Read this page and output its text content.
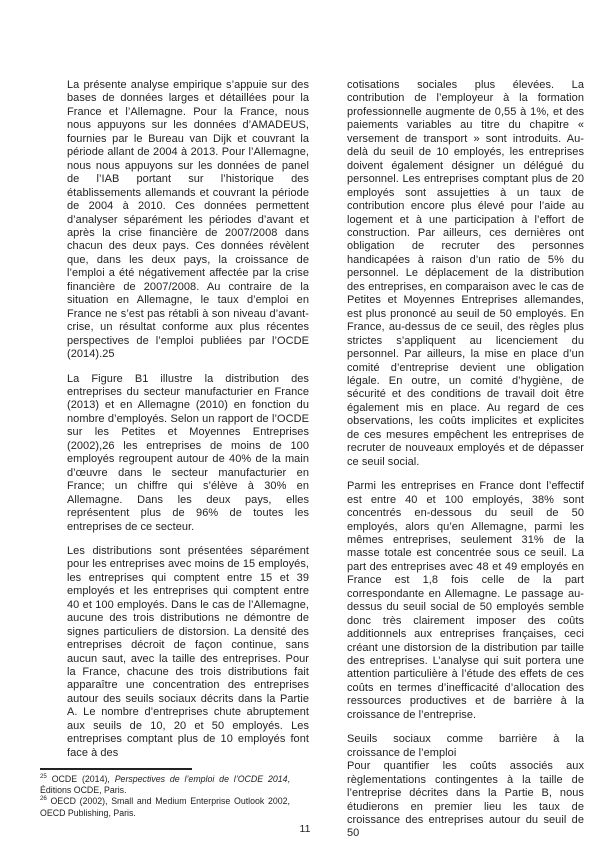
La présente analyse empirique s’appuie sur des bases de données larges et détaillées pour la France et l’Allemagne. Pour la France, nous nous appuyons sur les données d’AMADEUS, fournies par le Bureau van Dijk et couvrant la période allant de 2004 à 2013. Pour l’Allemagne, nous nous appuyons sur les données de panel de l’IAB portant sur l’historique des établissements allemands et couvrant la période de 2004 à 2010. Ces données permettent d’analyser séparément les périodes d’avant et après la crise financière de 2007/2008 dans chacun des deux pays. Ces données révèlent que, dans les deux pays, la croissance de l’emploi a été négativement affectée par la crise financière de 2007/2008. Au contraire de la situation en Allemagne, le taux d’emploi en France ne s’est pas rétabli à son niveau d’avant-crise, un résultat conforme aux plus récentes perspectives de l’emploi publiées par l’OCDE (2014).25

La Figure B1 illustre la distribution des entreprises du secteur manufacturier en France (2013) et en Allemagne (2010) en fonction du nombre d’employés. Selon un rapport de l’OCDE sur les Petites et Moyennes Entreprises (2002),26 les entreprises de moins de 100 employés regroupent autour de 40% de la main d’œuvre dans le secteur manufacturier en France; un chiffre qui s’élève à 30% en Allemagne. Dans les deux pays, elles représentent plus de 96% de toutes les entreprises de ce secteur.

Les distributions sont présentées séparément pour les entreprises avec moins de 15 employés, les entreprises qui comptent entre 15 et 39 employés et les entreprises qui comptent entre 40 et 100 employés. Dans le cas de l’Allemagne, aucune des trois distributions ne démontre de signes particuliers de distorsion. La densité des entreprises décroit de façon continue, sans aucun saut, avec la taille des entreprises. Pour la France, chacune des trois distributions fait apparaître une concentration des entreprises autour des seuils sociaux décrits dans la Partie A. Le nombre d’entreprises chute abruptement aux seuils de 10, 20 et 50 employés. Les entreprises comptant plus de 10 employés font face à des

cotisations sociales plus élevées. La contribution de l’employeur à la formation professionnelle augmente de 0,55 à 1%, et des paiements variables au titre du chapitre « versement de transport » sont introduits. Au-delà du seuil de 10 employés, les entreprises doivent également désigner un délégué du personnel. Les entreprises comptant plus de 20 employés sont assujetties à un taux de contribution encore plus élevé pour l’aide au logement et à une participation à l’effort de construction. Par ailleurs, ces dernières ont obligation de recruter des personnes handicapées à raison d’un ratio de 5% du personnel. Le déplacement de la distribution des entreprises, en comparaison avec le cas de Petites et Moyennes Entreprises allemandes, est plus prononcé au seuil de 50 employés. En France, au-dessus de ce seuil, des règles plus strictes s’appliquent au licenciement du personnel. Par ailleurs, la mise en place d’un comité d’entreprise devient une obligation légale. En outre, un comité d’hygiène, de sécurité et des conditions de travail doit être également mis en place. Au regard de ces observations, les coûts implicites et explicites de ces mesures empêchent les entreprises de recruter de nouveaux employés et de dépasser ce seuil social.

Parmi les entreprises en France dont l’effectif est entre 40 et 100 employés, 38% sont concentrés en-dessous du seuil de 50 employés, alors qu’en Allemagne, parmi les mêmes entreprises, seulement 31% de la masse totale est concentrée sous ce seuil. La part des entreprises avec 48 et 49 employés en France est 1,8 fois celle de la part correspondante en Allemagne. Le passage au-dessus du seuil social de 50 employés semble donc très clairement imposer des coûts additionnels aux entreprises françaises, ceci créant une distorsion de la distribution par taille des entreprises. L’analyse qui suit portera une attention particulière à l’étude des effets de ces coûts en termes d’inefficacité d’allocation des ressources productives et de barrière à la croissance de l’entreprise.

Seuils sociaux comme barrière à la
croissance de l’emploi

Pour quantifier les coûts associés aux règlementations contingentes à la taille de l’entreprise décrites dans la Partie B, nous étudierons en premier lieu les taux de croissance des entreprises autour du seuil de 50

$^{25}$ OCDE (2014), Perspectives de l’emploi de l’OCDE 2014, Éditions OCDE, Paris.
$^{26}$ OECD (2002), Small and Medium Enterprise Outlook 2002, OECD Publishing, Paris.
11
